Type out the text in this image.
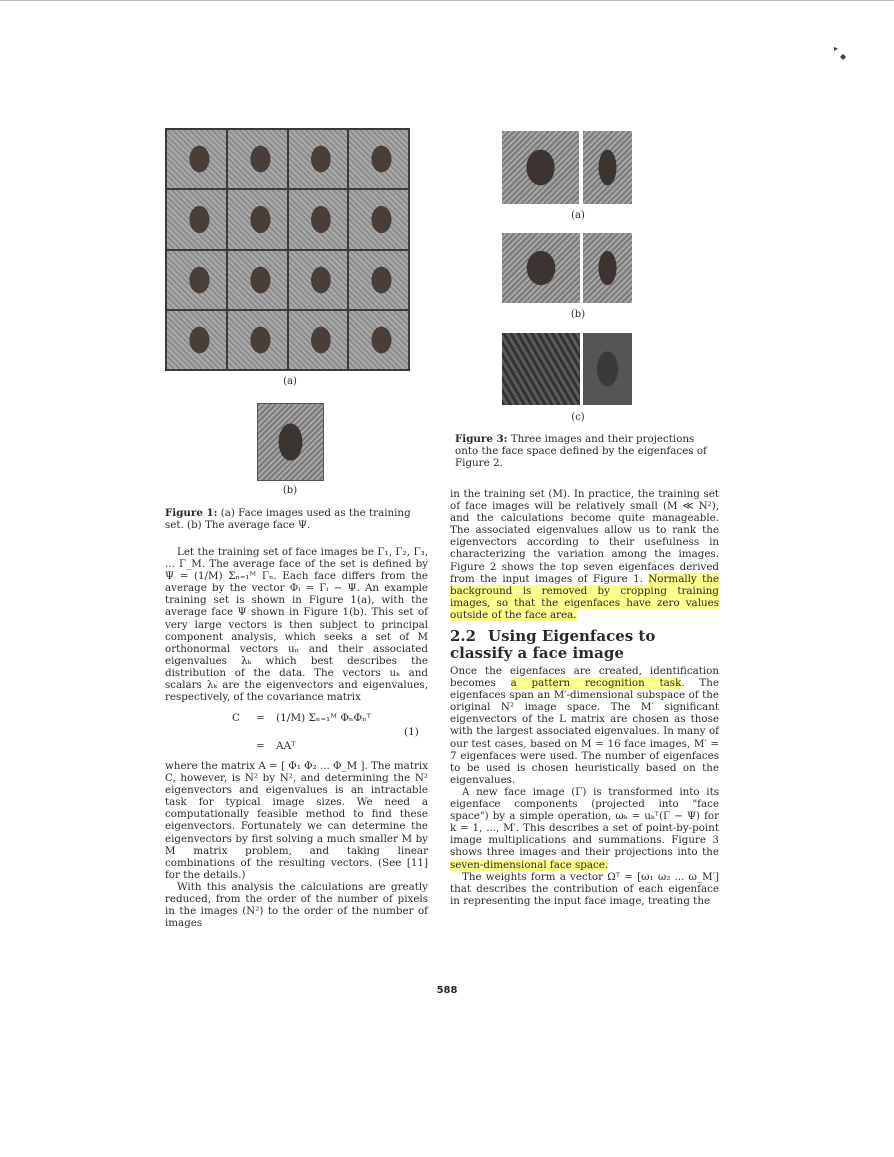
▸
◆
(a)
(b)
Figure 1: (a) Face images used as the training set. (b) The average face Ψ.

Let the training set of face images be Γ₁, Γ₂, Γ₃, ... Γ_M. The average face of the set is defined by Ψ = (1/M) Σₙ₌₁ᴹ Γₙ. Each face differs from the average by the vector Φᵢ = Γᵢ − Ψ. An example training set is shown in Figure 1(a), with the average face Ψ shown in Figure 1(b). This set of very large vectors is then subject to principal component analysis, which seeks a set of M orthonormal vectors uₙ and their associated eigenvalues λₖ which best describes the distribution of the data. The vectors uₖ and scalars λₖ are the eigenvectors and eigenvalues, respectively, of the covariance matrix

C = (1/M) Σₙ₌₁ᴹ ΦₙΦₙᵀ
= AAᵀ
(1)

where the matrix A = [ Φ₁ Φ₂ ... Φ_M ]. The matrix C, however, is N² by N², and determining the N² eigenvectors and eigenvalues is an intractable task for typical image sizes. We need a computationally feasible method to find these eigenvectors. Fortunately we can determine the eigenvectors by first solving a much smaller M by M matrix problem, and taking linear combinations of the resulting vectors. (See [11] for the details.)

With this analysis the calculations are greatly reduced, from the order of the number of pixels in the images (N²) to the order of the number of images

(a)
(b)
(c)
Figure 3: Three images and their projections onto the face space defined by the eigenfaces of Figure 2.

in the training set (M). In practice, the training set of face images will be relatively small (M ≪ N²), and the calculations become quite manageable. The associated eigenvalues allow us to rank the eigenvectors according to their usefulness in characterizing the variation among the images. Figure 2 shows the top seven eigenfaces derived from the input images of Figure 1. Normally the background is removed by cropping training images, so that the eigenfaces have zero values outside of the face area.

2.2 Using Eigenfaces to classify a face image

Once the eigenfaces are created, identification becomes a pattern recognition task. The eigenfaces span an M′-dimensional subspace of the original N² image space. The M′ significant eigenvectors of the L matrix are chosen as those with the largest associated eigenvalues. In many of our test cases, based on M = 16 face images, M′ = 7 eigenfaces were used. The number of eigenfaces to be used is chosen heuristically based on the eigenvalues.

A new face image (Γ) is transformed into its eigenface components (projected into "face space") by a simple operation, ωₖ = uₖᵀ(Γ − Ψ) for k = 1, ..., M′. This describes a set of point-by-point image multiplications and summations. Figure 3 shows three images and their projections into the seven-dimensional face space.

The weights form a vector Ωᵀ = [ω₁ ω₂ ... ω_M′] that describes the contribution of each eigenface in representing the input face image, treating the

588
